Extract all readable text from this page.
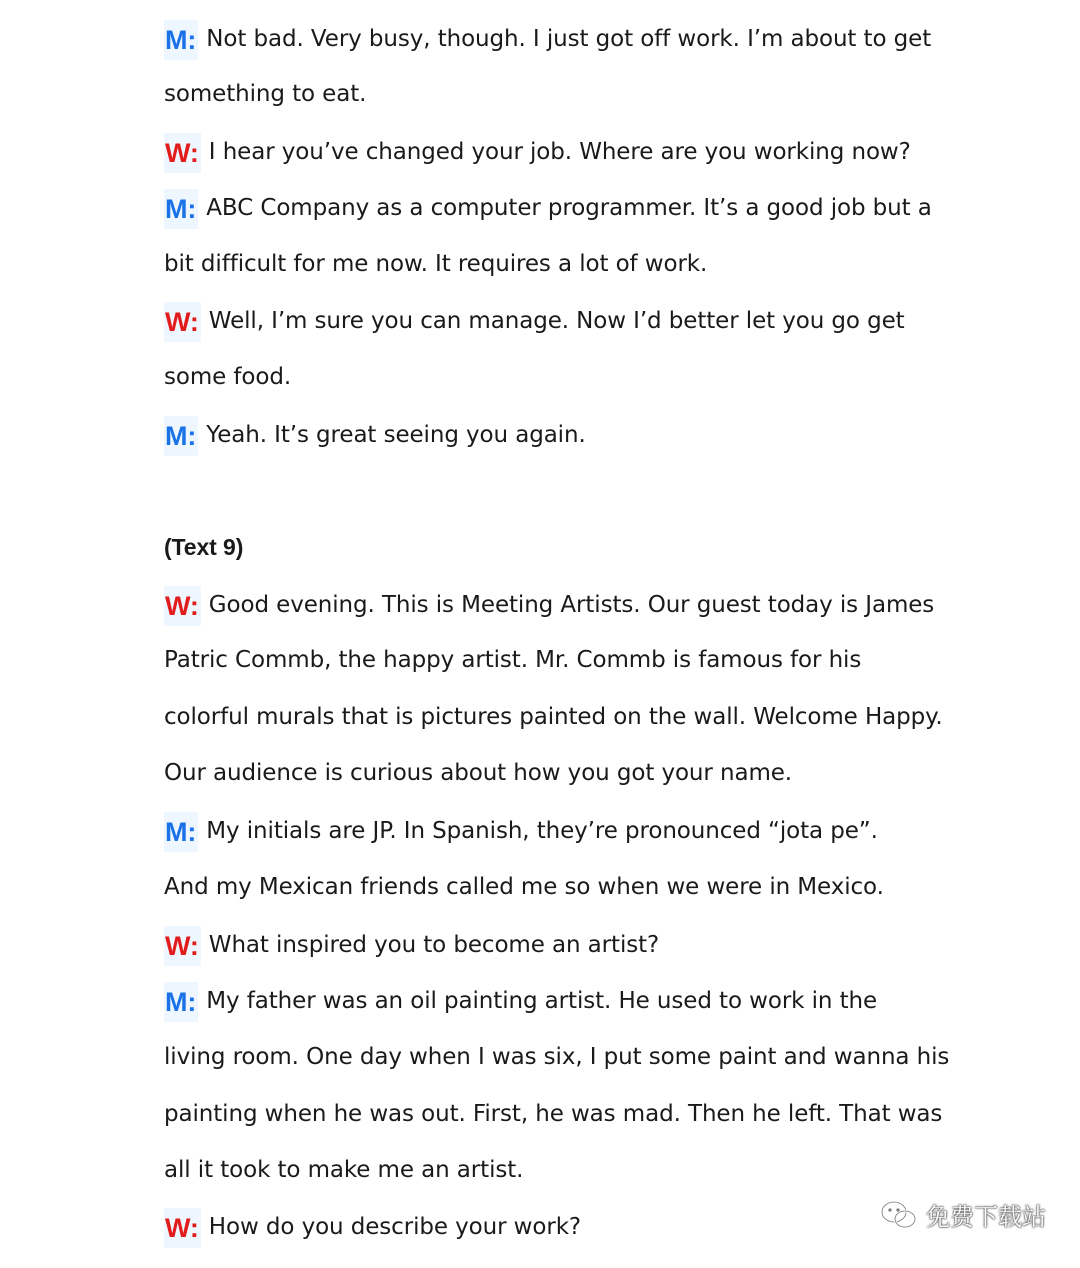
M: Not bad. Very busy, though. I just got off work. I’m about to get
something to eat.
W: I hear you’ve changed your job. Where are you working now?
M: ABC Company as a computer programmer. It’s a good job but a
bit difficult for me now. It requires a lot of work.
W: Well, I’m sure you can manage. Now I’d better let you go get
some food.
M: Yeah. It’s great seeing you again.
(Text 9)
W: Good evening. This is Meeting Artists. Our guest today is James
Patric Commb, the happy artist. Mr. Commb is famous for his
colorful murals that is pictures painted on the wall. Welcome Happy.
Our audience is curious about how you got your name.
M: My initials are JP. In Spanish, they’re pronounced “jota pe”.
And my Mexican friends called me so when we were in Mexico.
W: What inspired you to become an artist?
M: My father was an oil painting artist. He used to work in the
living room. One day when I was six, I put some paint and wanna his
painting when he was out. First, he was mad. Then he left. That was
all it took to make me an artist.
W: How do you describe your work?	免费下载站
